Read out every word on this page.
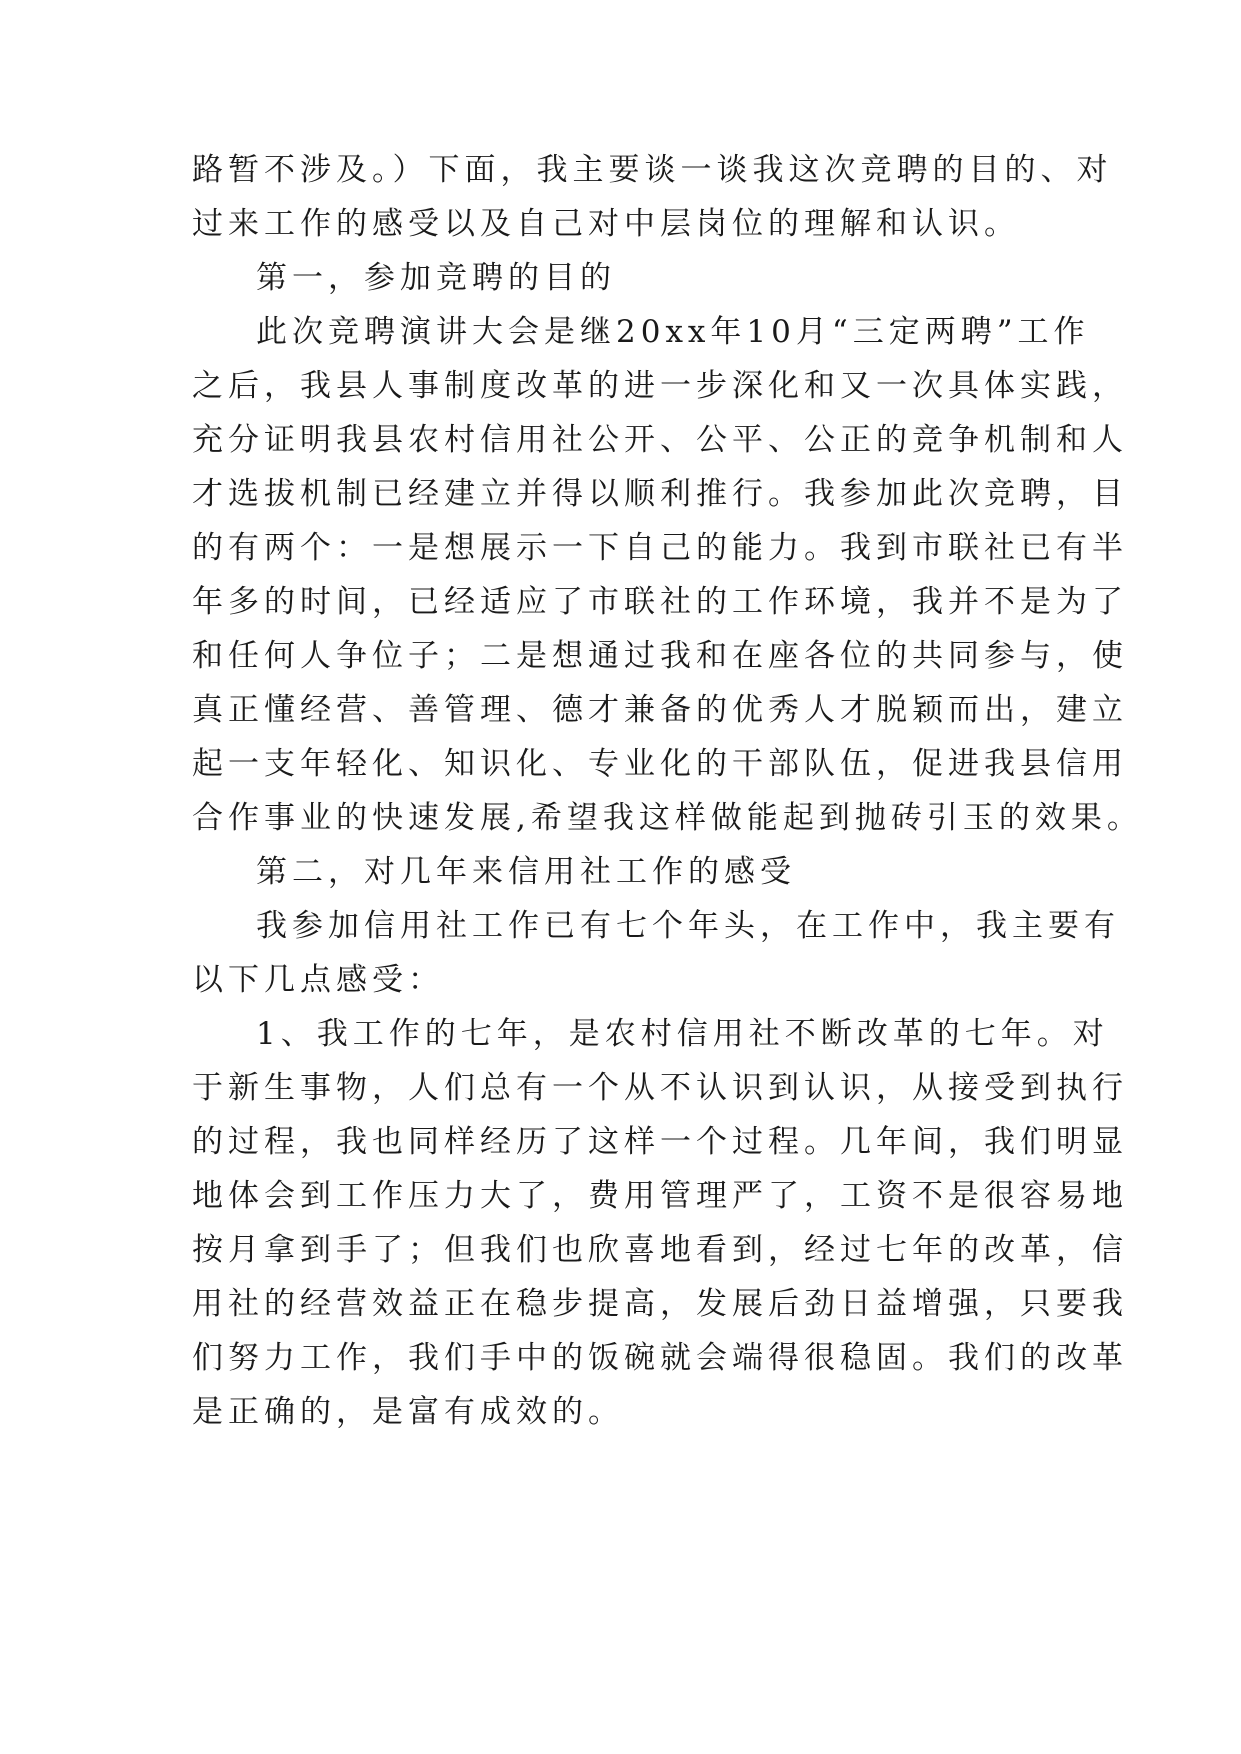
路暂不涉及。）下面，我主要谈一谈我这次竞聘的目的、对
过来工作的感受以及自己对中层岗位的理解和认识。
第一，参加竞聘的目的
此次竞聘演讲大会是继20xx年10月“三定两聘”工作
之后，我县人事制度改革的进一步深化和又一次具体实践，
充分证明我县农村信用社公开、公平、公正的竞争机制和人
才选拔机制已经建立并得以顺利推行。我参加此次竞聘，目
的有两个：一是想展示一下自己的能力。我到市联社已有半
年多的时间，已经适应了市联社的工作环境，我并不是为了
和任何人争位子；二是想通过我和在座各位的共同参与，使
真正懂经营、善管理、德才兼备的优秀人才脱颖而出，建立
起一支年轻化、知识化、专业化的干部队伍，促进我县信用
合作事业的快速发展,希望我这样做能起到抛砖引玉的效果。
第二，对几年来信用社工作的感受
我参加信用社工作已有七个年头，在工作中，我主要有
以下几点感受：
1、我工作的七年，是农村信用社不断改革的七年。对
于新生事物，人们总有一个从不认识到认识，从接受到执行
的过程，我也同样经历了这样一个过程。几年间，我们明显
地体会到工作压力大了，费用管理严了，工资不是很容易地
按月拿到手了；但我们也欣喜地看到，经过七年的改革，信
用社的经营效益正在稳步提高，发展后劲日益增强，只要我
们努力工作，我们手中的饭碗就会端得很稳固。我们的改革
是正确的，是富有成效的。
